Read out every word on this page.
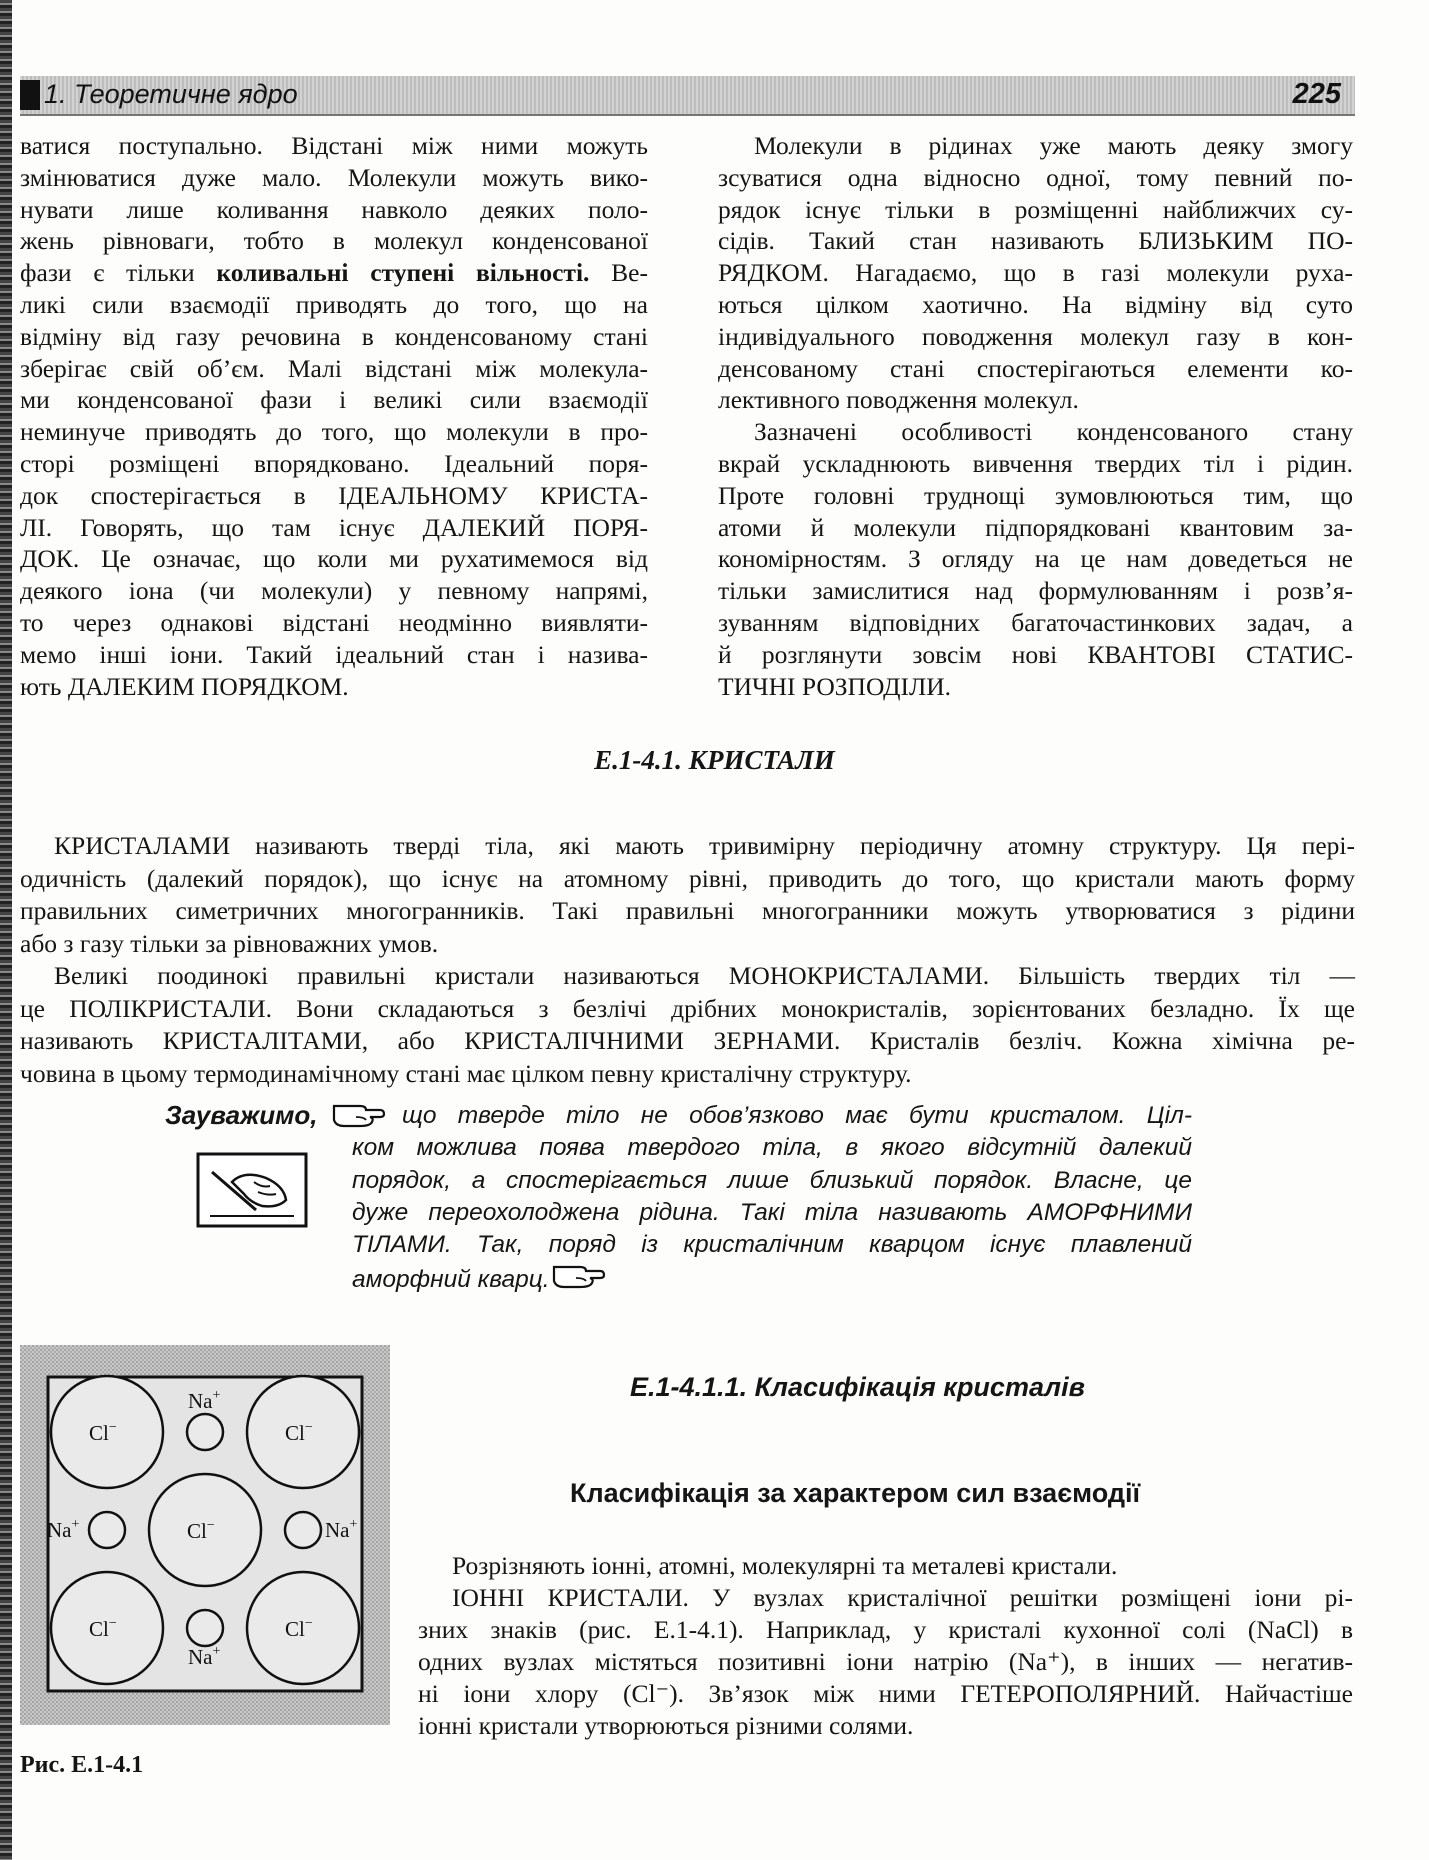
1. Теоретичне ядро	225
ватися поступально. Відстані між ними можуть
змінюватися дуже мало. Молекули можуть вико-
нувати лише коливання навколо деяких поло-
жень рівноваги, тобто в молекул конденсованої
фази є тільки коливальні ступені вільності. Ве-
ликі сили взаємодії приводять до того, що на
відміну від газу речовина в конденсованому стані
зберігає свій об’єм. Малі відстані між молекула-
ми конденсованої фази і великі сили взаємодії
неминуче приводять до того, що молекули в про-
сторі розміщені впорядковано. Ідеальний поря-
док спостерігається в ІДЕАЛЬНОМУ КРИСТА-
ЛІ. Говорять, що там існує ДАЛЕКИЙ ПОРЯ-
ДОК. Це означає, що коли ми рухатимемося від
деякого іона (чи молекули) у певному напрямі,
то через однакові відстані неодмінно виявляти-
мемо інші іони. Такий ідеальний стан і назива-
ють ДАЛЕКИМ ПОРЯДКОМ.
Молекули в рідинах уже мають деяку змогу
зсуватися одна відносно одної, тому певний по-
рядок існує тільки в розміщенні найближчих су-
сідів. Такий стан називають БЛИЗЬКИМ ПО-
РЯДКОМ. Нагадаємо, що в газі молекули руха-
ються цілком хаотично. На відміну від суто
індивідуального поводження молекул газу в кон-
денсованому стані спостерігаються елементи ко-
лективного поводження молекул.
Зазначені особливості конденсованого стану
вкрай ускладнюють вивчення твердих тіл і рідин.
Проте головні труднощі зумовлюються тим, що
атоми й молекули підпорядковані квантовим за-
кономірностям. З огляду на це нам доведеться не
тільки замислитися над формулюванням і розв’я-
зуванням відповідних багаточастинкових задач, а
й розглянути зовсім нові КВАНТОВІ СТАТИС-
ТИЧНІ РОЗПОДІЛИ.
Е.1-4.1. КРИСТАЛИ
КРИСТАЛАМИ називають тверді тіла, які мають тривимірну періодичну атомну структуру. Ця пері-
одичність (далекий порядок), що існує на атомному рівні, приводить до того, що кристали мають форму
правильних симетричних многогранників. Такі правильні многогранники можуть утворюватися з рідини
або з газу тільки за рівноважних умов.
Великі поодинокі правильні кристали називаються МОНОКРИСТАЛАМИ. Більшість твердих тіл —
це ПОЛІКРИСТАЛИ. Вони складаються з безлічі дрібних монокристалів, зорієнтованих безладно. Їх ще
називають КРИСТАЛІТАМИ, або КРИСТАЛІЧНИМИ ЗЕРНАМИ. Кристалів безліч. Кожна хімічна ре-
човина в цьому термодинамічному стані має цілком певну кристалічну структуру.
Зауважимо,	що тверде тіло не обов’язково має бути кристалом. Ціл-
ком можлива поява твердого тіла, в якого відсутній далекий
порядок, а спостерігається лише близький порядок. Власне, це
дуже переохолоджена рідина. Такі тіла називають АМОРФНИМИ
ТІЛАМИ. Так, поряд із кристалічним кварцом існує плавлений
аморфний кварц.
Cl−	Cl−
Cl−
Cl−	Cl−
Na+
Na+
Na+	Na+
Рис. Е.1-4.1
Е.1-4.1.1. Класифікація кристалів
Класифікація за характером сил взаємодії
Розрізняють іонні, атомні, молекулярні та металеві кристали.
ІОННІ КРИСТАЛИ. У вузлах кристалічної решітки розміщені іони рі-
зних знаків (рис. Е.1-4.1). Наприклад, у кристалі кухонної солі (NaCl) в
одних вузлах містяться позитивні іони натрію (Na⁺), в інших — негатив-
ні іони хлору (Cl⁻). Зв’язок між ними ГЕТЕРОПОЛЯРНИЙ. Найчастіше
іонні кристали утворюються різними солями.
